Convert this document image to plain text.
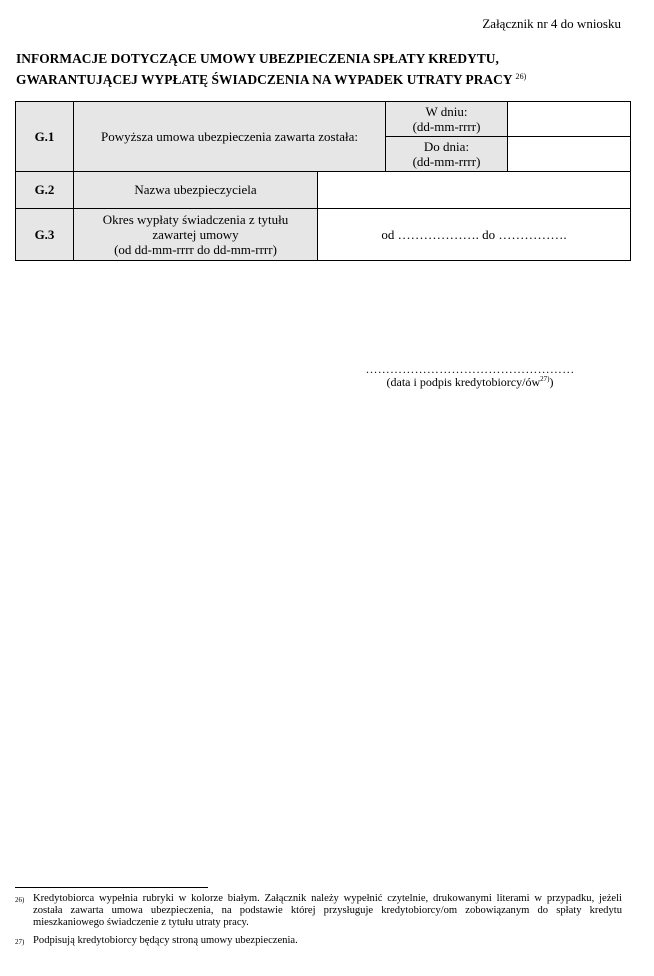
Załącznik nr 4 do wniosku
INFORMACJE DOTYCZĄCE UMOWY UBEZPIECZENIA SPŁATY KREDYTU,
GWARANTUJĄCEJ WYPŁATĘ ŚWIADCZENIA NA WYPADEK UTRATY PRACY $^{26)}$
G.1	Powyższa umowa ubezpieczenia zawarta została:		W dniu:
(dd-mm-rrrr)	

			Do dnia:
(dd-mm-rrrr)	

G.2	Nazwa ubezpieczyciela			
G.3	Okres wypłaty świadczenia z tytułu
zawartej umowy
(od dd-mm-rrrr do dd-mm-rrrr)	od ………………. do …………….		
……………………………………………
(data i podpis kredytobiorcy/$ów^{27)}$)
26) Kredytobiorca wypełnia rubryki w kolorze białym. Załącznik należy wypełnić czytelnie, drukowanymi literami w przypadku, jeżeli została zawarta umowa ubezpieczenia, na podstawie której przysługuje kredytobiorcy/om zobowiązanym do spłaty kredytu mieszkaniowego świadczenie z tytułu utraty pracy.
27) Podpisują kredytobiorcy będący stroną umowy ubezpieczenia.
